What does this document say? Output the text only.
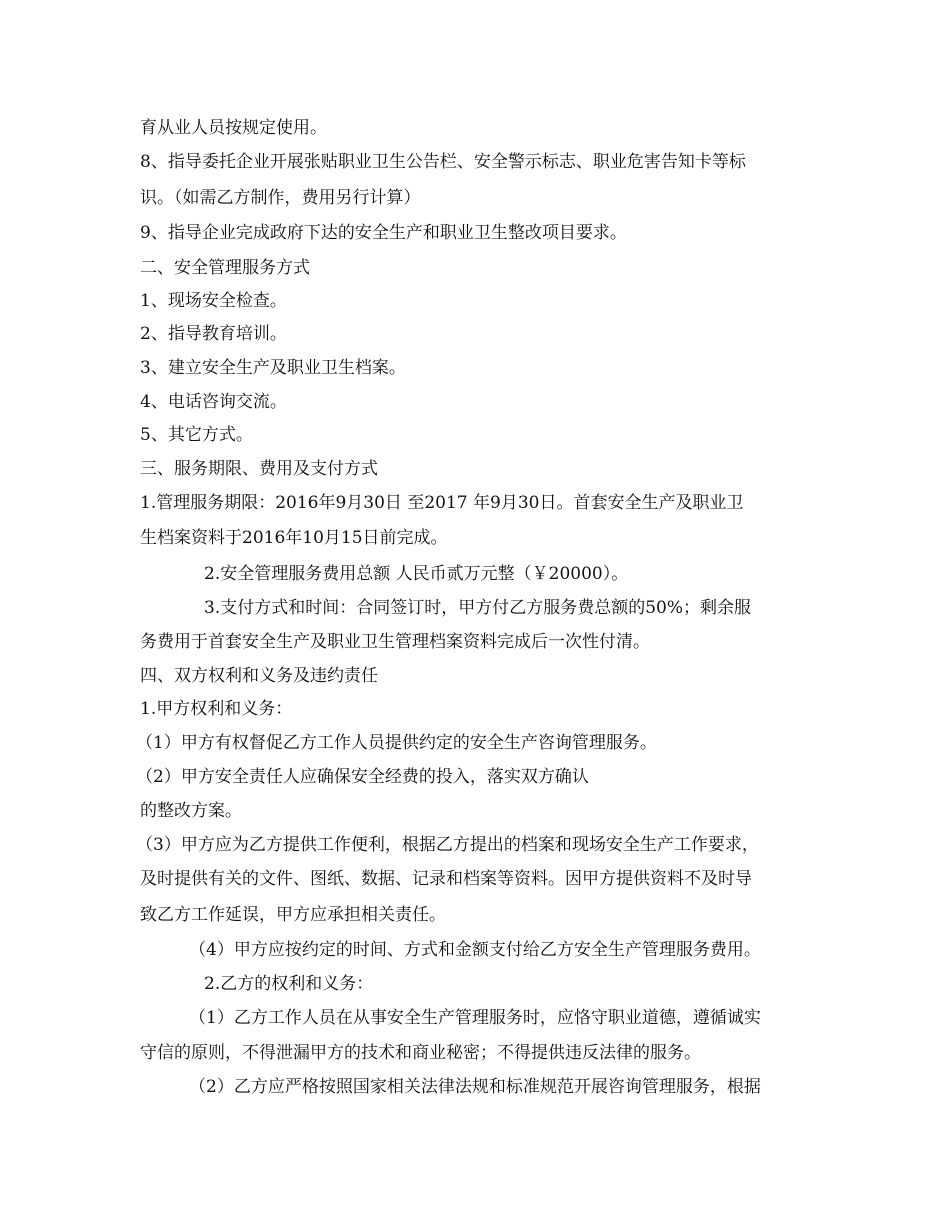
育从业人员按规定使用。
8、指导委托企业开展张贴职业卫生公告栏、安全警示标志、职业危害告知卡等标
识。（如需乙方制作，费用另行计算）
9、指导企业完成政府下达的安全生产和职业卫生整改项目要求。
二、安全管理服务方式
1、现场安全检查。
2、指导教育培训。
3、建立安全生产及职业卫生档案。
4、电话咨询交流。
5、其它方式。
三、服务期限、费用及支付方式
1.管理服务期限：2016年9月30日 至2017 年9月30日。首套安全生产及职业卫
生档案资料于2016年10月15日前完成。
2.安全管理服务费用总额 人民币贰万元整（￥20000）。
3.支付方式和时间：合同签订时，甲方付乙方服务费总额的50%；剩余服
务费用于首套安全生产及职业卫生管理档案资料完成后一次性付清。
四、双方权利和义务及违约责任
1.甲方权利和义务：
（1）甲方有权督促乙方工作人员提供约定的安全生产咨询管理服务。
（2）甲方安全责任人应确保安全经费的投入，落实双方确认
的整改方案。
（3）甲方应为乙方提供工作便利，根据乙方提出的档案和现场安全生产工作要求，
及时提供有关的文件、图纸、数据、记录和档案等资料。因甲方提供资料不及时导
致乙方工作延误，甲方应承担相关责任。
（4）甲方应按约定的时间、方式和金额支付给乙方安全生产管理服务费用。
2.乙方的权利和义务：
（1）乙方工作人员在从事安全生产管理服务时，应恪守职业道德，遵循诚实
守信的原则，不得泄漏甲方的技术和商业秘密；不得提供违反法律的服务。
（2）乙方应严格按照国家相关法律法规和标准规范开展咨询管理服务，根据
